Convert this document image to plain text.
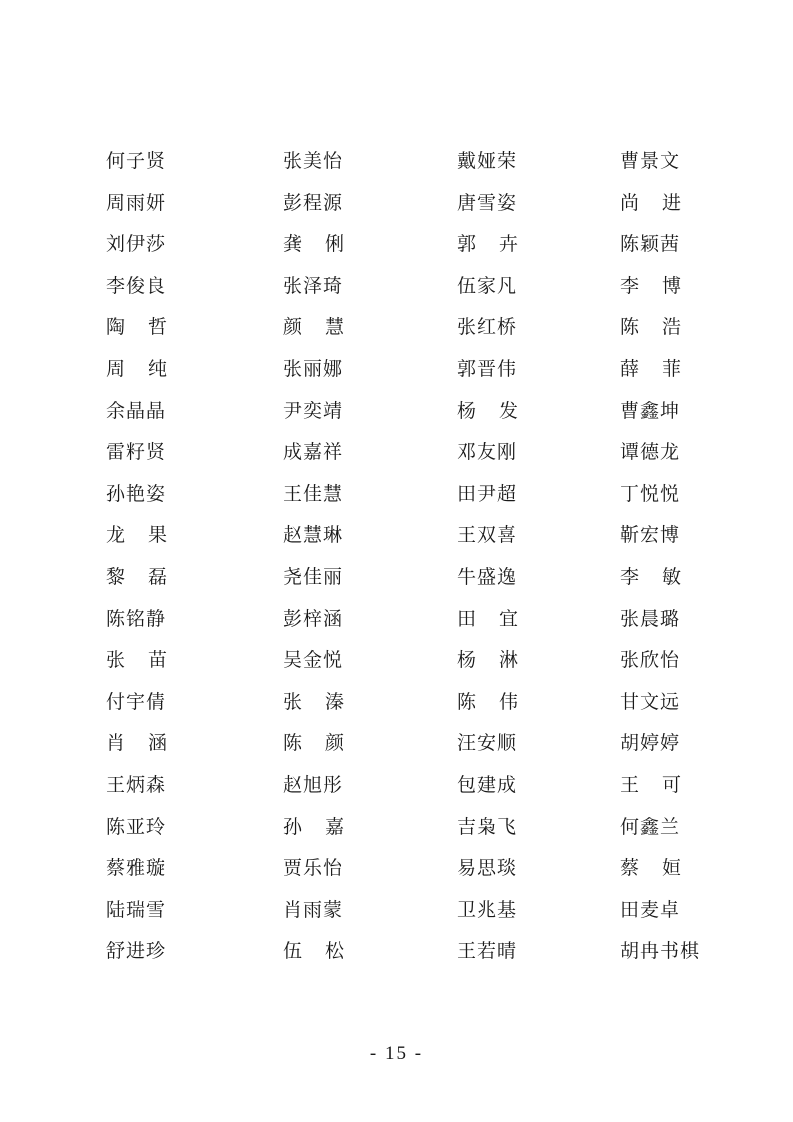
何子贤	张美怡	戴娅荣	曹景文
周雨妍	彭程源	唐雪姿	尚进
刘伊莎	龚俐	郭卉	陈颖茜
李俊良	张泽琦	伍家凡	李博
陶哲	颜慧	张红桥	陈浩
周纯	张丽娜	郭晋伟	薛菲
余晶晶	尹奕靖	杨发	曹鑫坤
雷籽贤	成嘉祥	邓友刚	谭德龙
孙艳姿	王佳慧	田尹超	丁悦悦
龙果	赵慧琳	王双喜	靳宏博
黎磊	尧佳丽	牛盛逸	李敏
陈铭静	彭梓涵	田宜	张晨璐
张苗	吴金悦	杨淋	张欣怡
付宇倩	张溱	陈伟	甘文远
肖涵	陈颜	汪安顺	胡婷婷
王炳森	赵旭彤	包建成	王可
陈亚玲	孙嘉	吉枭飞	何鑫兰
蔡雅璇	贾乐怡	易思琰	蔡姮
陆瑞雪	肖雨蒙	卫兆基	田麦卓
舒进珍	伍松	王若晴	胡冉书棋
- 15 -
